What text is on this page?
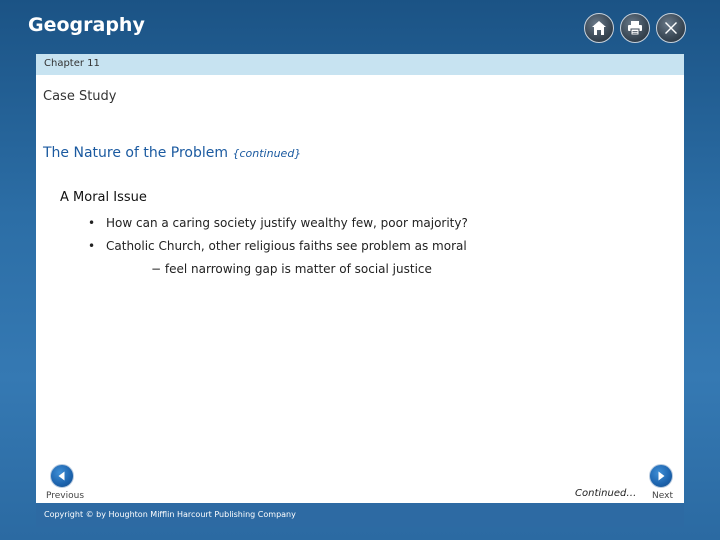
Geography
Chapter 11
Case Study
The Nature of the Problem {continued}
A Moral Issue
• How can a caring society justify wealthy few, poor majority?
• Catholic Church, other religious faiths see problem as moral
− feel narrowing gap is matter of social justice
Previous	Continued… Next
Copyright © by Houghton Mifflin Harcourt Publishing Company
